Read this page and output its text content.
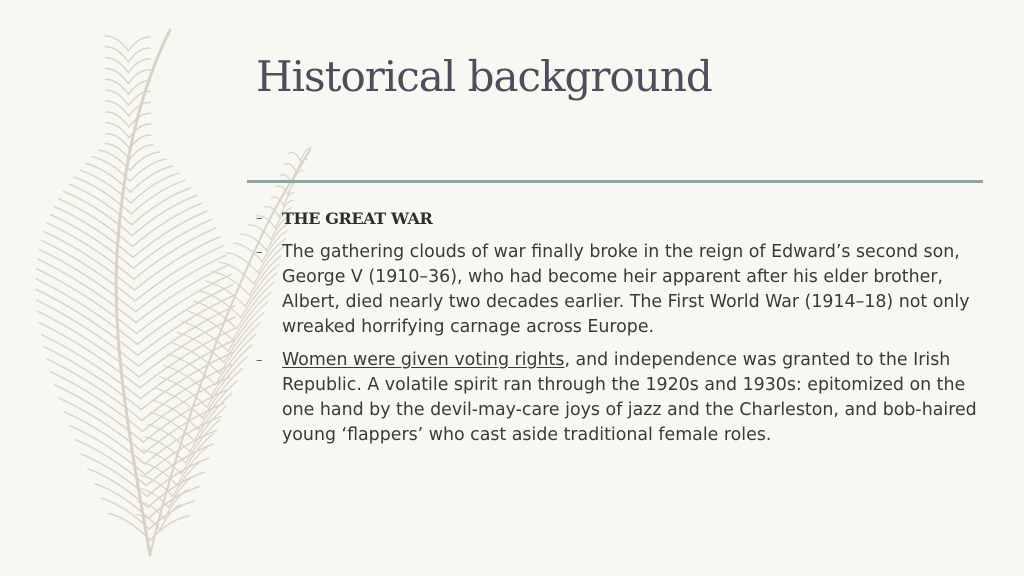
Historical background
– THE GREAT WAR
– The gathering clouds of war finally broke in the reign of Edward’s second son, George V (1910–36), who had become heir apparent after his elder brother, Albert, died nearly two decades earlier. The First World War (1914–18) not only wreaked horrifying carnage across Europe.
– Women were given voting rights, and independence was granted to the Irish Republic. A volatile spirit ran through the 1920s and 1930s: epitomized on the one hand by the devil-may-care joys of jazz and the Charleston, and bob-haired young ‘flappers’ who cast aside traditional female roles.
